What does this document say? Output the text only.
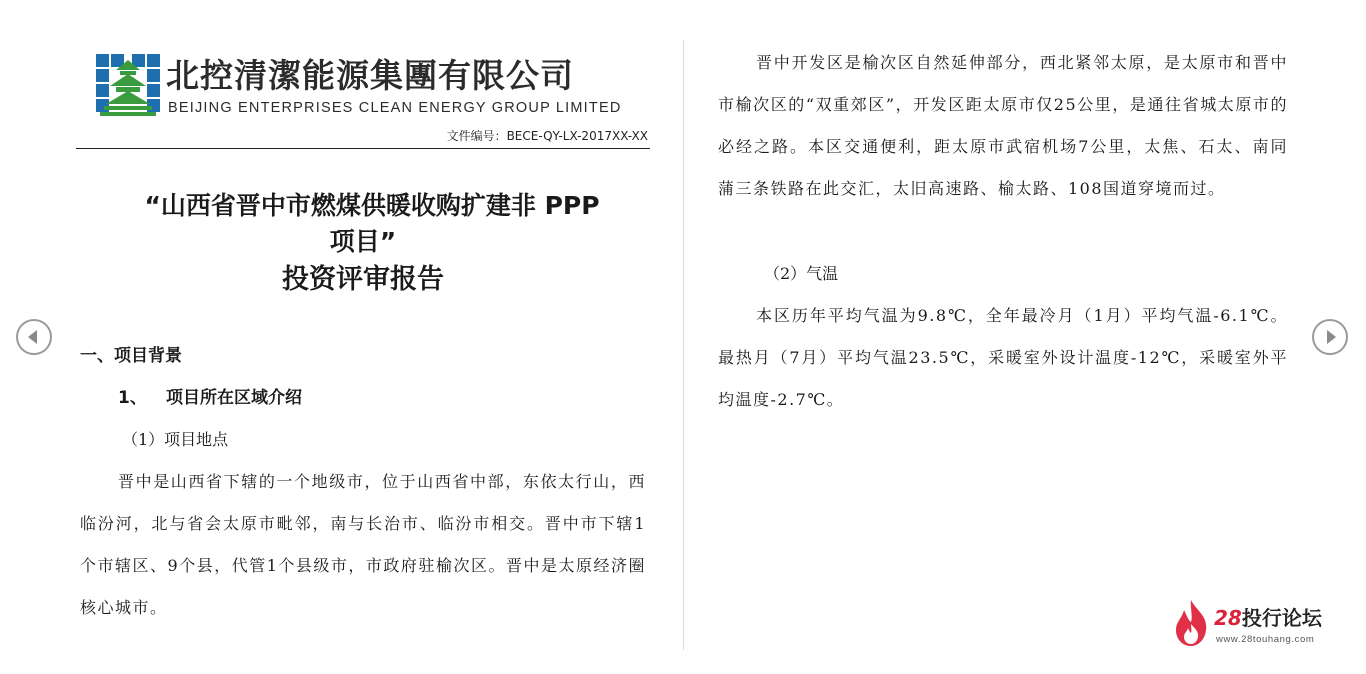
北控清潔能源集團有限公司
BEIJING ENTERPRISES CLEAN ENERGY GROUP LIMITED
文件编号：BECE-QY-LX-2017XX-XX
“山西省晋中市燃煤供暖收购扩建非 PPP
项目”
投资评审报告
一、项目背景
1、 项目所在区域介绍
（1）项目地点
晋中是山西省下辖的一个地级市，位于山西省中部，东依太行山，西临汾河，北与省会太原市毗邻，南与长治市、临汾市相交。晋中市下辖1个市辖区、9个县，代管1个县级市，市政府驻榆次区。晋中是太原经济圈核心城市。
晋中开发区是榆次区自然延伸部分，西北紧邻太原，是太原市和晋中市榆次区的“双重郊区”，开发区距太原市仅25公里，是通往省城太原市的必经之路。本区交通便利，距太原市武宿机场7公里，太焦、石太、南同蒲三条铁路在此交汇，太旧高速路、榆太路、108国道穿境而过。
（2）气温
本区历年平均气温为9.8℃，全年最冷月（1月）平均气温-6.1℃。最热月（7月）平均气温23.5℃，采暖室外设计温度-12℃，采暖室外平均温度-2.7℃。
28投行论坛
www.28touhang.com
